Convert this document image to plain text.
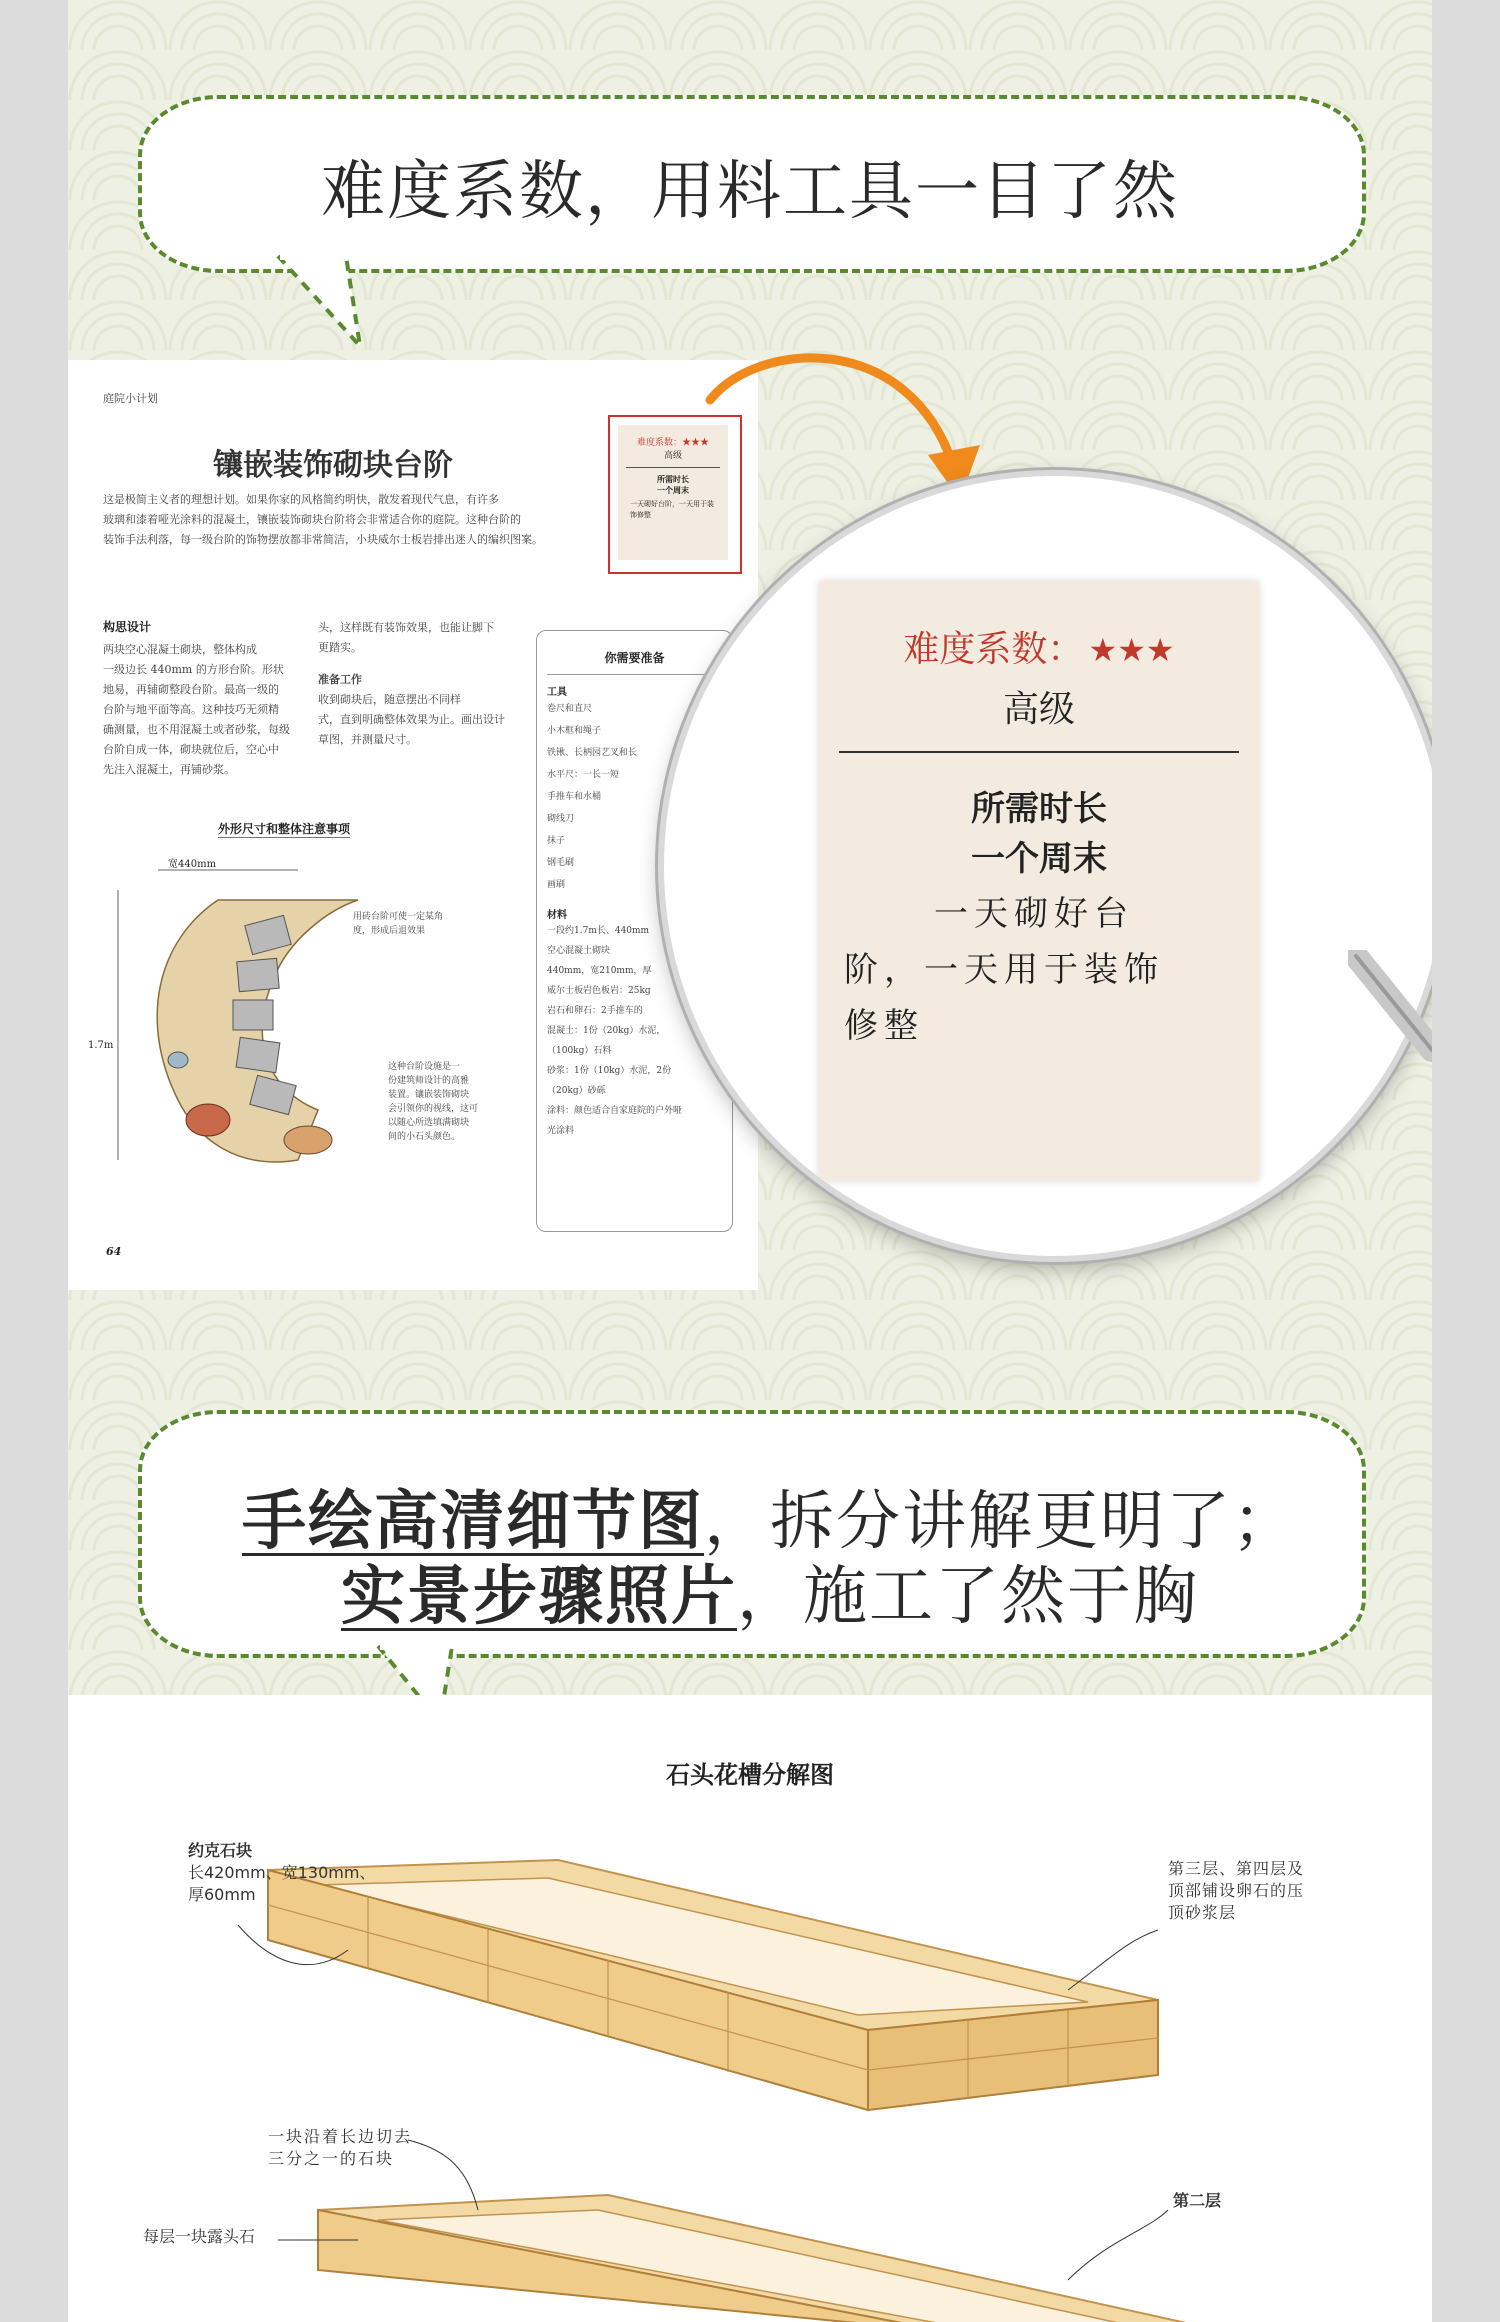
难度系数，用料工具一目了然
庭院小计划
镶嵌装饰砌块台阶
这是极简主义者的理想计划。如果你家的风格简约明快，散发着现代气息，有许多
玻璃和漆着哑光涂料的混凝土，镶嵌装饰砌块台阶将会非常适合你的庭院。这种台阶的
装饰手法利落，每一级台阶的饰物摆放都非常简洁，小块威尔士板岩排出迷人的编织图案。
构思设计
两块空心混凝土砌块，整体构成
一级边长 440mm 的方形台阶。形状
地易，再辅砌整段台阶。最高一级的
台阶与地平面等高。这种技巧无须精
确测量，也不用混凝土或者砂浆，每级
台阶自成一体，砌块就位后，空心中
先注入混凝土，再铺砂浆。
头，这样既有装饰效果，也能让脚下
更踏实。
准备工作
收到砌块后，随意摆出不同样
式，直到明确整体效果为止。画出设计
草图，并测量尺寸。
外形尺寸和整体注意事项
宽440mm
1.7m
用砖台阶可使一定某角
度，形成后退效果
这种台阶设施是一
份建筑师设计的高雅
装置。镶嵌装饰砌块
会引领你的视线，这可
以随心所选填满砌块
间的小石头颜色。
64
你需要准备
工具
卷尺和直尺
小木框和绳子
铁锹、长柄园艺叉和长
水平尺：一长一短
手推车和水桶
砌线刀
抹子
钢毛刷
画刷
材料
一段约1.7m长、440mm
空心混凝土砌块
440mm，宽210mm，厚
威尔士板岩色板岩：25kg
岩石和卵石：2手推车的
混凝土：1份（20kg）水泥，
（100kg）石料
砂浆：1份（10kg）水泥，2份
（20kg）砂砾
涂料：颜色适合自家庭院的户外哑
光涂料
难度系数：★★★
高级
所需时长
一个周末
一天砌好台阶，一天用于装饰修整
难度系数： ★★★
高级
所需时长
一个周末
一天砌好台
阶，一天用于装饰
修整
手绘高清细节图，拆分讲解更明了；
实景步骤照片，施工了然于胸
石头花槽分解图
约克石块
长420mm、宽130mm、
厚60mm
第三层、第四层及
顶部铺设卵石的压
顶砂浆层
一块沿着长边切去
三分之一的石块
每层一块露头石
第二层
